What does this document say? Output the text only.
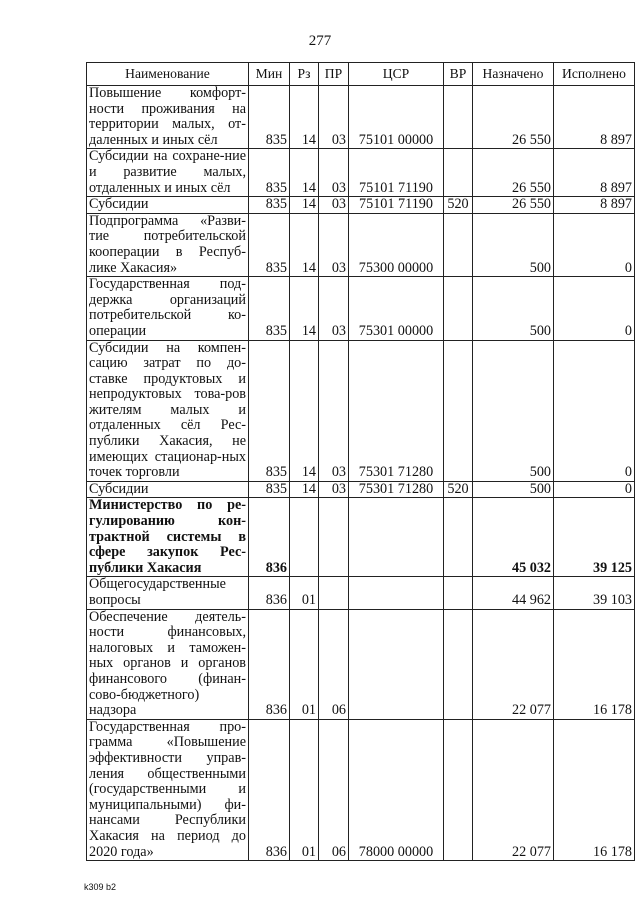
277
Наименование	Мин	Рз	ПР	ЦСР	ВР	Назначено	Исполнено
Повышение комфорт-ности проживания на территории малых, от-даленных и иных сёл	835	14	03	75101 00000		26 550	8 897
Субсидии на сохране-ние и развитие малых, отдаленных и иных сёл	835	14	03	75101 71190		26 550	8 897
Субсидии	835	14	03	75101 71190	520	26 550	8 897
Подпрограмма «Разви-тие потребительской кооперации в Респуб-лике Хакасия»	835	14	03	75300 00000		500	0
Государственная под-держка организаций потребительской ко-операции	835	14	03	75301 00000		500	0
Субсидии на компен-сацию затрат по до-ставке продуктовых и непродуктовых това-ров жителям малых и отдаленных сёл Рес-публики Хакасия, не имеющих стационар-ных точек торговли	835	14	03	75301 71280		500	0
Субсидии	835	14	03	75301 71280	520	500	0
Министерство по ре-гулированию кон-трактной системы в сфере закупок Рес-публики Хакасия	836					45 032	39 125
Общегосударственные вопросы	836	01				44 962	39 103
Обеспечение деятель-ности финансовых, налоговых и таможен-ных органов и органов финансового (финан-сово-бюджетного) надзора	836	01	06			22 077	16 178
Государственная про-грамма «Повышение эффективности управ-ления общественными (государственными и муниципальными) фи-нансами Республики Хакасия на период до 2020 года»	836	01	06	78000 00000		22 077	16 178
k309 b2
